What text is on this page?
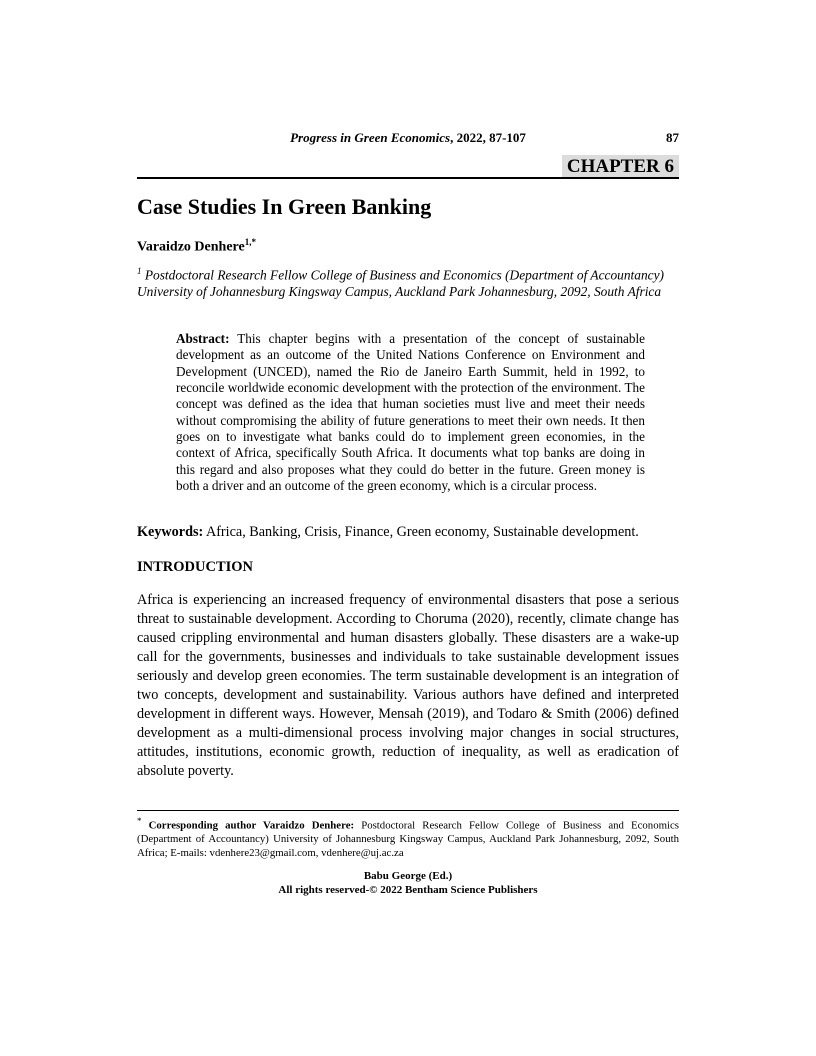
Progress in Green Economics, 2022, 87-107	87
CHAPTER 6
Case Studies In Green Banking
Varaidzo Denhere$^{1,*}$
$^1$ Postdoctoral Research Fellow College of Business and Economics (Department of Accountancy) University of Johannesburg Kingsway Campus, Auckland Park Johannesburg, 2092, South Africa
Abstract: This chapter begins with a presentation of the concept of sustainable development as an outcome of the United Nations Conference on Environment and Development (UNCED), named the Rio de Janeiro Earth Summit, held in 1992, to reconcile worldwide economic development with the protection of the environment. The concept was defined as the idea that human societies must live and meet their needs without compromising the ability of future generations to meet their own needs. It then goes on to investigate what banks could do to implement green economies, in the context of Africa, specifically South Africa. It documents what top banks are doing in this regard and also proposes what they could do better in the future. Green money is both a driver and an outcome of the green economy, which is a circular process.
Keywords: Africa, Banking, Crisis, Finance, Green economy, Sustainable development.
INTRODUCTION
Africa is experiencing an increased frequency of environmental disasters that pose a serious threat to sustainable development. According to Choruma (2020), recently, climate change has caused crippling environmental and human disasters globally. These disasters are a wake-up call for the governments, businesses and individuals to take sustainable development issues seriously and develop green economies. The term sustainable development is an integration of two concepts, development and sustainability. Various authors have defined and interpreted development in different ways. However, Mensah (2019), and Todaro & Smith (2006) defined development as a multi-dimensional process involving major changes in social structures, attitudes, institutions, economic growth, reduction of inequality, as well as eradication of absolute poverty.
* Corresponding author Varaidzo Denhere: Postdoctoral Research Fellow College of Business and Economics (Department of Accountancy) University of Johannesburg Kingsway Campus, Auckland Park Johannesburg, 2092, South Africa; E-mails: vdenhere23@gmail.com, vdenhere@uj.ac.za
Babu George (Ed.)
All rights reserved-© 2022 Bentham Science Publishers
